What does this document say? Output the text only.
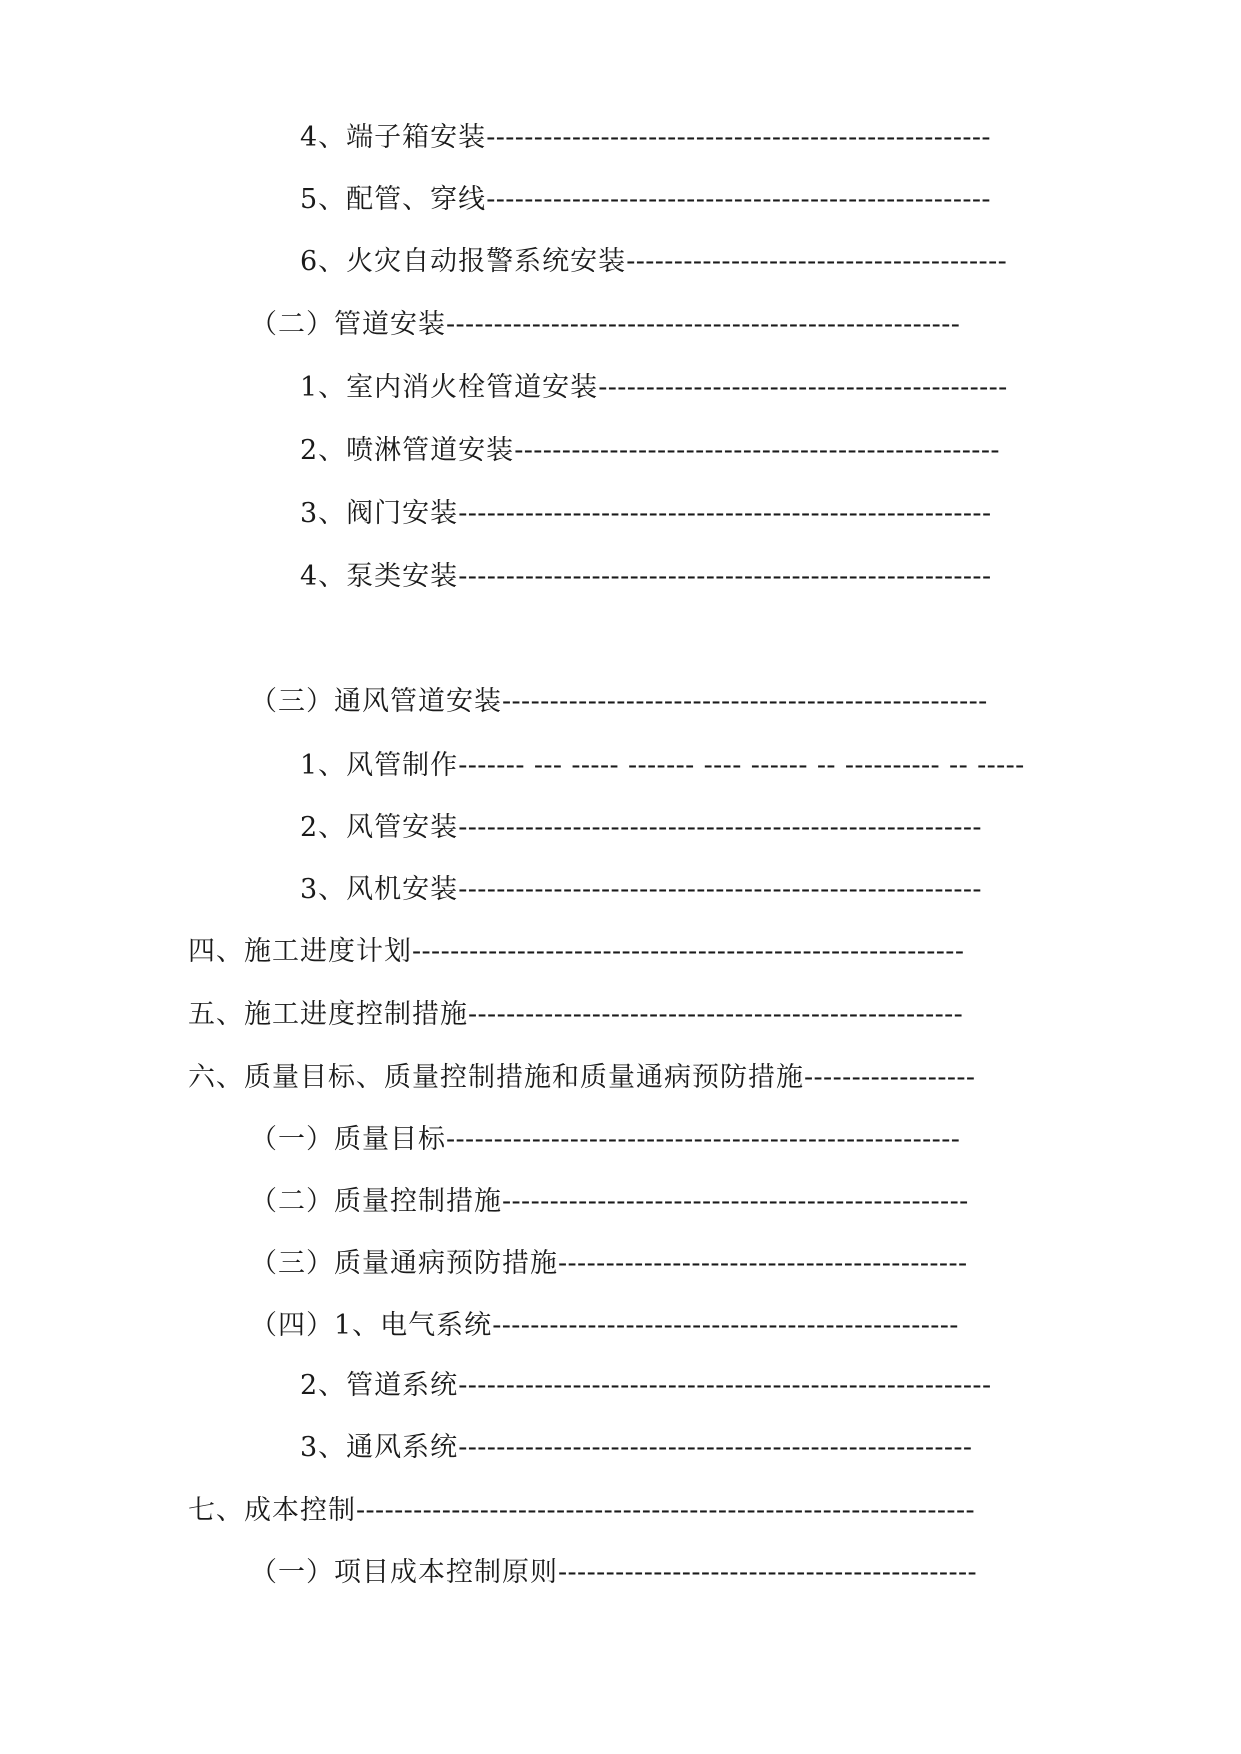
4、端子箱安装-----------------------------------------------------
5、配管、穿线-----------------------------------------------------
6、火灾自动报警系统安装----------------------------------------
（二）管道安装------------------------------------------------------
1、室内消火栓管道安装-------------------------------------------
2、喷淋管道安装---------------------------------------------------
3、阀门安装--------------------------------------------------------
4、泵类安装--------------------------------------------------------
（三）通风管道安装---------------------------------------------------
1、风管制作------- --- ----- ------- ---- ------ -- ---------- -- -----
2、风管安装-------------------------------------------------------
3、风机安装-------------------------------------------------------
四、施工进度计划----------------------------------------------------------
五、施工进度控制措施----------------------------------------------------
六、质量目标、质量控制措施和质量通病预防措施------------------
（一）质量目标------------------------------------------------------
（二）质量控制措施-------------------------------------------------
（三）质量通病预防措施-------------------------------------------
（四）1、电气系统-------------------------------------------------
2、管道系统--------------------------------------------------------
3、通风系统------------------------------------------------------
七、成本控制-----------------------------------------------------------------
（一）项目成本控制原则--------------------------------------------
